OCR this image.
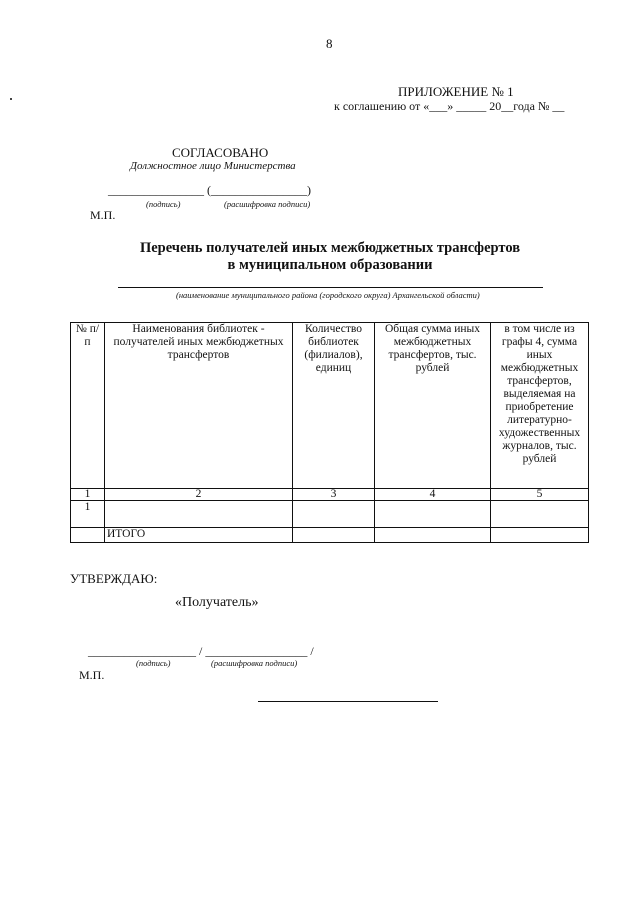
8
ПРИЛОЖЕНИЕ № 1
к соглашению от «___» _____ 20__года № __
СОГЛАСОВАНО
Должностное лицо Министерства
________________ (________________)
(подпись)	(расшифровка подписи)
М.П.
Перечень получателей иных межбюджетных трансфертов
в муниципальном образовании
(наименование муниципального района (городского округа) Архангельской области)
№ п/п	Наименования библиотек - получателей иных межбюджетных трансфертов	Количество библиотек (филиалов), единиц	Общая сумма иных межбюджетных трансфертов, тыс. рублей	в том числе из графы 4, сумма иных межбюджетных трансфертов, выделяемая на приобретение литературно-художественных журналов, тыс. рублей
1	2	3	4	5
1				
	ИТОГО			
УТВЕРЖДАЮ:
«Получатель»
__________________ / _________________ /
(подпись)	(расшифровка подписи)
М.П.
